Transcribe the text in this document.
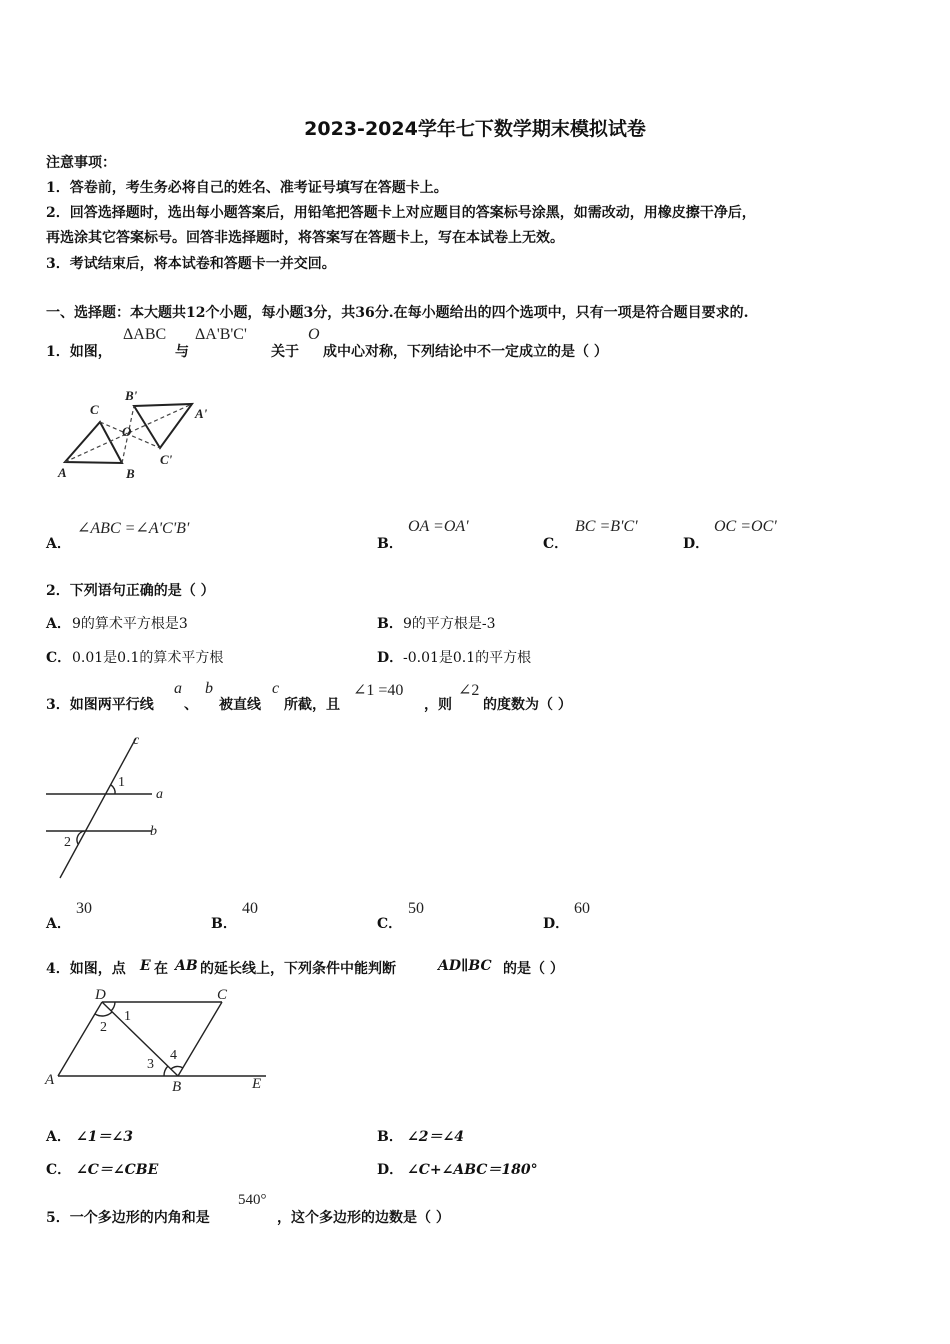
2023-2024学年七下数学期末模拟试卷
注意事项：
1．答卷前，考生务必将自己的姓名、准考证号填写在答题卡上。
2．回答选择题时，选出每小题答案后，用铅笔把答题卡上对应题目的答案标号涂黑，如需改动，用橡皮擦干净后，
再选涂其它答案标号。回答非选择题时，将答案写在答题卡上，写在本试卷上无效。
3．考试结束后，将本试卷和答题卡一并交回。
一、选择题：本大题共12个小题，每小题3分，共36分.在每小题给出的四个选项中，只有一项是符合题目要求的.
1．如图，
ΔABC
与
ΔA'B'C'
关于
O
成中心对称，下列结论中不一定成立的是（ ）
C
B'
A'
O
A	B
C'
A．
∠ABC =∠A'C'B'
B．
OA =OA'
C．
BC =B'C'
D．
OC =OC'
2．下列语句正确的是（ ）
A． 9的算术平方根是3	B． 9的平方根是-3
C． 0.01是0.1的算术平方根	D． -0.01是0.1的平方根
3．如图两平行线
a
、
b
被直线
c
所截，且
∠1 =40
，则
∠2
的度数为（ ）
c
a
b
1
2
A．
30
B．
40
C．
50
D．
60
4．如图，点 E 在 AB 的延长线上，下列条件中能判断	AD∥BC 的是（ ）
D	C
A	B	E
1
2
3
4
A． ∠1＝∠3	B． ∠2＝∠4
C． ∠C＝∠CBE	D． ∠C+∠ABC＝180°
5．一个多边形的内角和是
540°
，这个多边形的边数是（ ）
